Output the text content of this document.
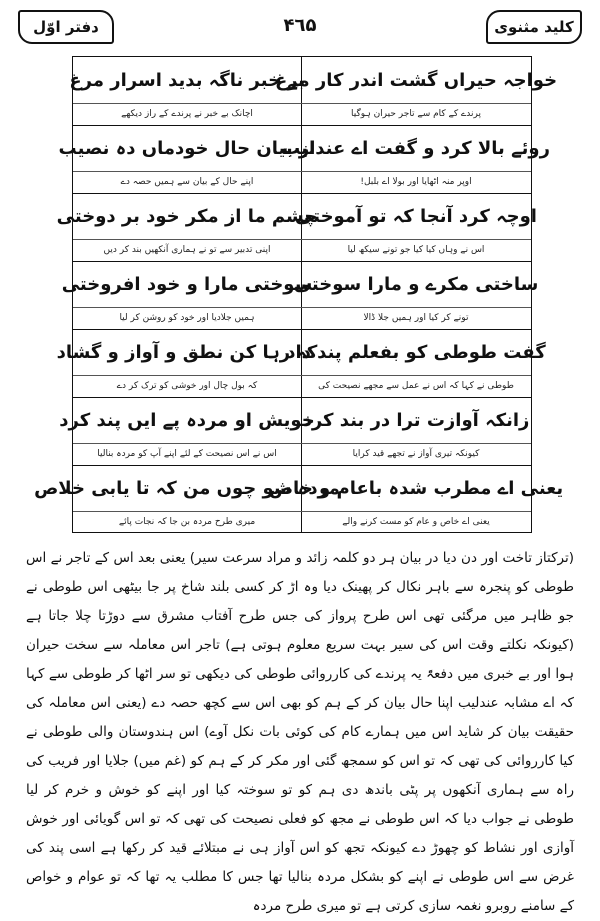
کلید مثنوی
۴٦۵
دفتر اوّل
خواجہ حیراں گشت اندر کار مرغ
بے خبر ناگہ بدید اسرار مرغ
پرندے کے کام سے تاجر حیران ہوگیا
اچانک بے خبر نے پرندے کے راز دیکھے
روئے بالا کرد و گفت اے عندلیب
از بیان حال خودماں دہ نصیب
اوپر منہ اٹھایا اور بولا اے بلبل!
اپنے حال کے بیان سے ہمیں حصہ دے
اوچہ کرد آنجا کہ تو آموختی
چشم ما از مکر خود بر دوختی
اس نے وہاں کیا کیا جو تونے سیکھ لیا
اپنی تدبیر سے تو نے ہماری آنکھیں بند کر دیں
ساختی مکرے و مارا سوختی
سوختی مارا و خود افروختی
تونے کر کیا اور ہمیں جلا ڈالا
ہمیں جلادیا اور خود کو روشن کر لیا
گفت طوطی کو بفعلم پند داد
کہ رہا کن نطق و آواز و گشاد
طوطی نے کہا کہ اس نے عمل سے مجھے نصیحت کی
کہ بول چال اور خوشی کو ترک کر دے
زانکہ آوازت ترا در بند کرد
خویش او مردہ پے ایں پند کرد
کیونکہ تیری آواز نے تجھے قید کرایا
اس نے اس نصیحت کے لئے اپنے آپ کو مردہ بنالیا
یعنی اے مطرب شدہ باعام و خاص
مردہ شو چوں من کہ تا یابی خلاص
یعنی اے خاص و عام کو مست کرنے والے
میری طرح مردہ بن جا کہ نجات پائے

(ترکتاز تاخت اور دن دیا در بیان ہر دو کلمہ زائد و مراد سرعت سیر) یعنی بعد اس کے تاجر نے اس طوطی کو پنجرہ سے باہر نکال کر پھینک دیا وہ اڑ کر کسی بلند شاخ پر جا بیٹھی اس طوطی نے جو ظاہر میں مرگئی تھی اس طرح پرواز کی جس طرح آفتاب مشرق سے دوڑتا چلا جاتا ہے (کیونکہ نکلتے وقت اس کی سیر بہت سریع معلوم ہوتی ہے) تاجر اس معاملہ سے سخت حیران ہوا اور بے خبری میں دفعۃً یہ پرندے کی کارروائی طوطی کی دیکھی تو سر اٹھا کر طوطی سے کہا کہ اے مشابہ عندلیب اپنا حال بیان کر کے ہم کو بھی اس سے کچھ حصہ دے (یعنی اس معاملہ کی حقیقت بیان کر شاید اس میں ہمارے کام کی کوئی بات نکل آوے) اس ہندوستان والی طوطی نے کیا کارروائی کی تھی کہ تو اس کو سمجھ گئی اور مکر کر کے ہم کو (غم میں) جلایا اور فریب کی راہ سے ہماری آنکھوں پر پٹی باندھ دی ہم کو تو سوختہ کیا اور اپنے کو خوش و خرم کر لیا طوطی نے جواب دیا کہ اس طوطی نے مجھ کو فعلی نصیحت کی تھی کہ تو اس گویائی اور خوش آوازی اور نشاط کو چھوڑ دے کیونکہ تجھ کو اس آواز ہی نے مبتلائے قید کر رکھا ہے اسی پند کی غرض سے اس طوطی نے اپنے کو بشکل مردہ بنالیا تھا جس کا مطلب یہ تھا کہ تو عوام و خواص کے سامنے روبرو نغمہ سازی کرتی ہے تو میری طرح مردہ
